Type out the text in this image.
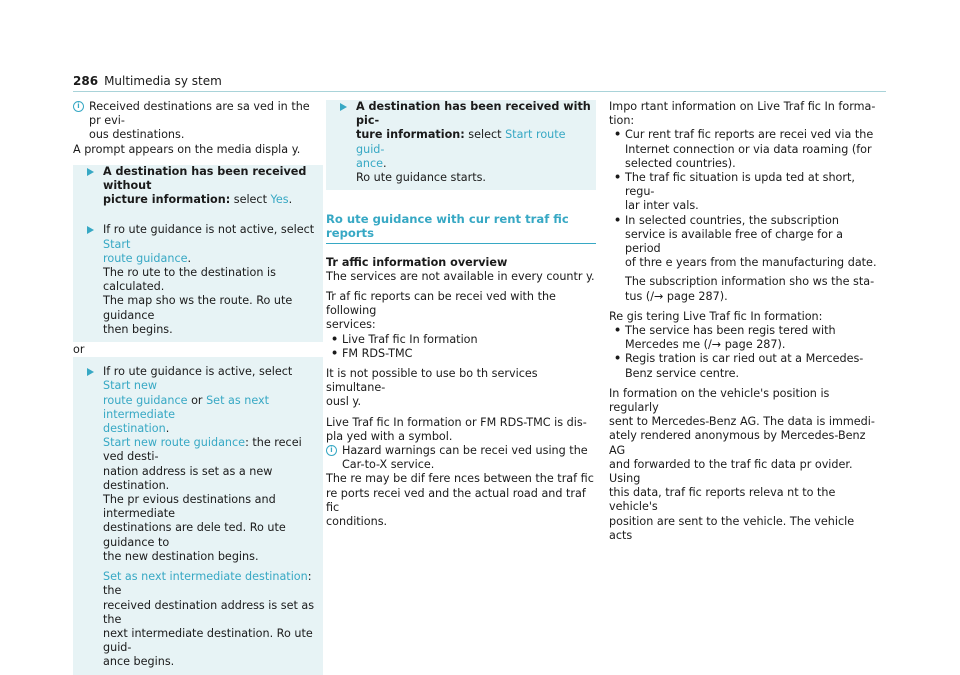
286 Multimedia sy stem
i Received destinations are sa ved in the pr evi-

ous destinations.

A prompt appears on the media displa y.

A destination has been received without

picture information: select Yes.

If ro ute guidance is not active, select Start

route guidance.

The ro ute to the destination is calculated.

The map sho ws the route. Ro ute guidance

then begins.

or

If ro ute guidance is active, select Start new

route guidance or Set as next intermediate

destination.

Start new route guidance: the recei ved desti-

nation address is set as a new destination.

The pr evious destinations and intermediate

destinations are dele ted. Ro ute guidance to

the new destination begins.

Set as next intermediate destination: the

received destination address is set as the

next intermediate destination. Ro ute guid-

ance begins.

A destination has been received with pic-

ture information: select Start route guid-

ance.

Ro ute guidance starts.

Ro ute guidance with cur rent traf fic reports

Tr affic information overview

The services are not available in every countr y.

Tr af fic reports can be recei ved with the following

services:

• Live Traf fic In formation
• FM RDS-TMC

It is not possible to use bo th services simultane-

ousl y.

Live Traf fic In formation or FM RDS-TMC is dis-

pla yed with a symbol.

i Hazard warnings can be recei ved using the

Car-to-X service.

The re may be dif fere nces between the traf fic

re ports recei ved and the actual road and traf fic

conditions.

Impo rtant information on Live Traf fic In forma-

tion:

• Cur rent traf fic reports are recei ved via the

Internet connection or via data roaming (for

selected countries).

• The traf fic situation is upda ted at short, regu-

lar inter vals.

• In selected countries, the subscription

service is available free of charge for a period

of thre e years from the manufacturing date.

The subscription information sho ws the sta-

tus (/→ page 287).

Re gis tering Live Traf fic In formation:

• The service has been regis tered with

Mercedes me (/→ page 287).

• Regis tration is car ried out at a Mercedes-

Benz service centre.

In formation on the vehicle's position is regularly

sent to Mercedes-Benz AG. The data is immedi-

ately rendered anonymous by Mercedes-Benz AG

and forwarded to the traf fic data pr ovider. Using

this data, traf fic reports releva nt to the vehicle's

position are sent to the vehicle. The vehicle acts
